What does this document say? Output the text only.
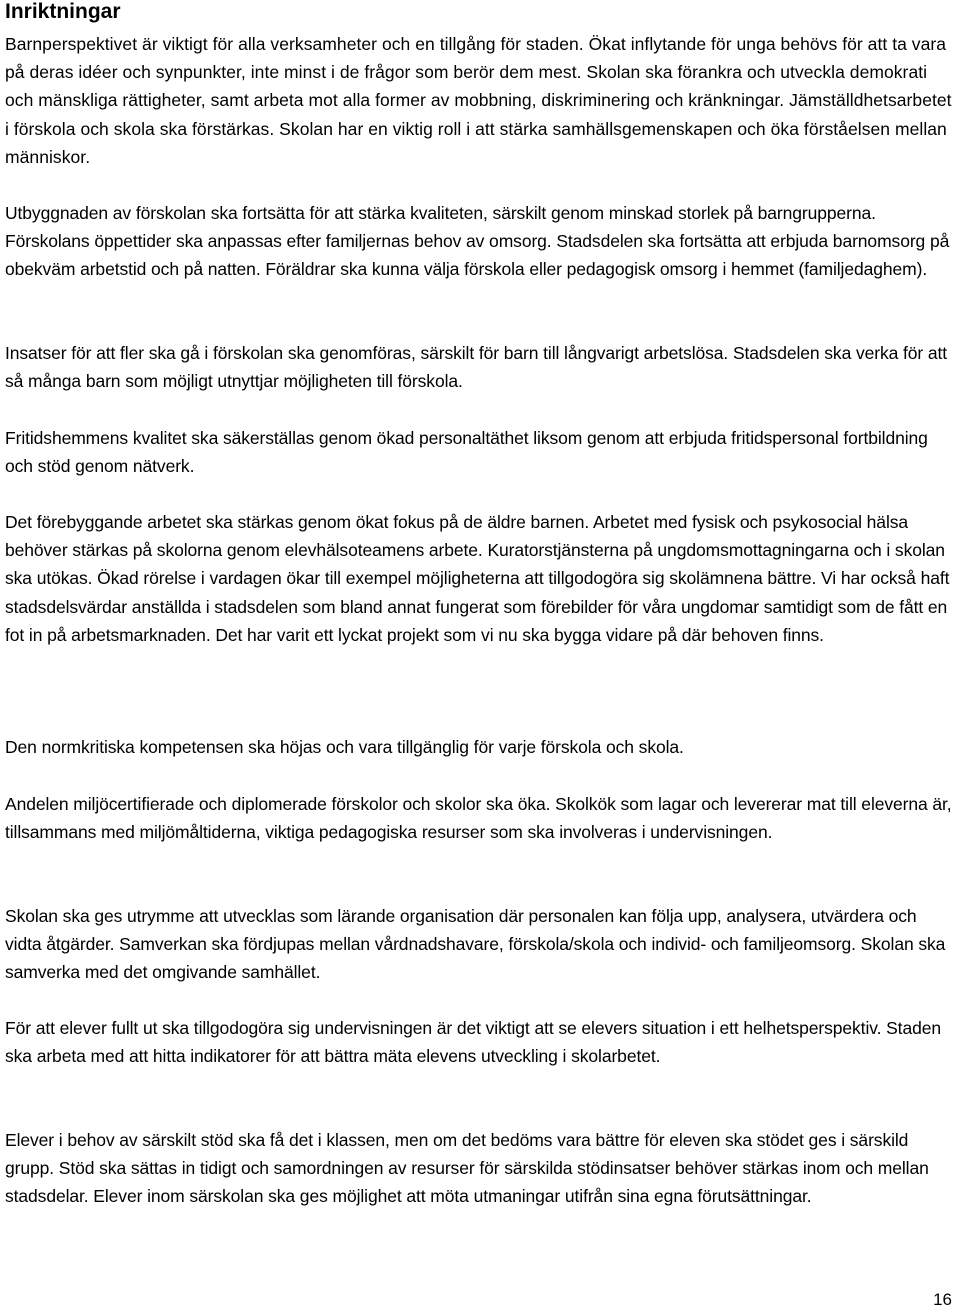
Inriktningar

Barnperspektivet är viktigt för alla verksamheter och en tillgång för staden. Ökat inflytande för unga behövs för att ta vara på deras idéer och synpunkter, inte minst i de frågor som berör dem mest. Skolan ska förankra och utveckla demokrati och mänskliga rättigheter, samt arbeta mot alla former av mobbning, diskriminering och kränkningar. Jämställdhetsarbetet i förskola och skola ska förstärkas. Skolan har en viktig roll i att stärka samhällsgemenskapen och öka förståelsen mellan människor.

Utbyggnaden av förskolan ska fortsätta för att stärka kvaliteten, särskilt genom minskad storlek på barngrupperna. Förskolans öppettider ska anpassas efter familjernas behov av omsorg. Stadsdelen ska fortsätta att erbjuda barnomsorg på obekväm arbetstid och på natten. Föräldrar ska kunna välja förskola eller pedagogisk omsorg i hemmet (familjedaghem).

Insatser för att fler ska gå i förskolan ska genomföras, särskilt för barn till långvarigt arbetslösa. Stadsdelen ska verka för att så många barn som möjligt utnyttjar möjligheten till förskola.

Fritidshemmens kvalitet ska säkerställas genom ökad personaltäthet liksom genom att erbjuda fritidspersonal fortbildning och stöd genom nätverk.

Det förebyggande arbetet ska stärkas genom ökat fokus på de äldre barnen. Arbetet med fysisk och psykosocial hälsa behöver stärkas på skolorna genom elevhälsoteamens arbete. Kuratorstjänsterna på ungdomsmottagningarna och i skolan ska utökas. Ökad rörelse i vardagen ökar till exempel möjligheterna att tillgodogöra sig skolämnena bättre. Vi har också haft stadsdelsvärdar anställda i stadsdelen som bland annat fungerat som förebilder för våra ungdomar samtidigt som de fått en fot in på arbetsmarknaden. Det har varit ett lyckat projekt som vi nu ska bygga vidare på där behoven finns.

Den normkritiska kompetensen ska höjas och vara tillgänglig för varje förskola och skola.

Andelen miljöcertifierade och diplomerade förskolor och skolor ska öka. Skolkök som lagar och levererar mat till eleverna är, tillsammans med miljömåltiderna, viktiga pedagogiska resurser som ska involveras i undervisningen.

Skolan ska ges utrymme att utvecklas som lärande organisation där personalen kan följa upp, analysera, utvärdera och vidta åtgärder. Samverkan ska fördjupas mellan vårdnadshavare, förskola/skola och individ- och familjeomsorg. Skolan ska samverka med det omgivande samhället.

För att elever fullt ut ska tillgodogöra sig undervisningen är det viktigt att se elevers situation i ett helhetsperspektiv. Staden ska arbeta med att hitta indikatorer för att bättra mäta elevens utveckling i skolarbetet.

Elever i behov av särskilt stöd ska få det i klassen, men om det bedöms vara bättre för eleven ska stödet ges i särskild grupp. Stöd ska sättas in tidigt och samordningen av resurser för särskilda stödinsatser behöver stärkas inom och mellan stadsdelar. Elever inom särskolan ska ges möjlighet att möta utmaningar utifrån sina egna förutsättningar.

16
